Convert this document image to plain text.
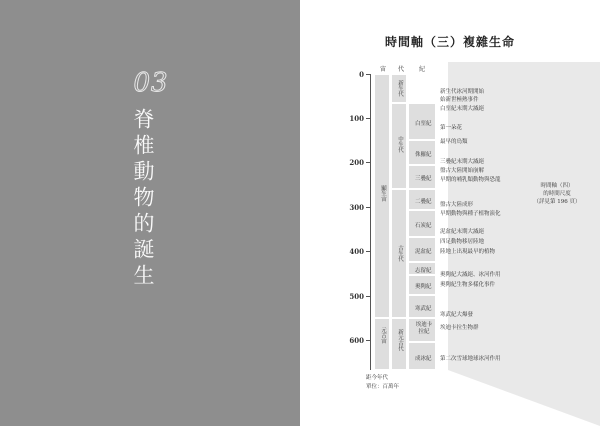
03
脊椎動物的誕生
時間軸（三）複雜生命
宙 代 紀
0
100
200
300
400
500
600
顯生宙
元古宙
新生代
中生代
古生代
新元古代
白堊紀
侏羅紀
三疊紀
二疊紀
石炭紀
泥盆紀
志留紀
奧陶紀
寒武紀
埃迪卡拉紀
成冰紀
新生代冰河期開始
始新世極熱事件
白堊紀末期大滅絕
第一朵花
最早的鳥類
三疊紀末期大滅絕
盤古大陸開始崩解
早期的哺乳類動物與恐龍
盤古大陸成形
早期動物與種子植物演化
泥盆紀末期大滅絕
四足動物移居陸地
陸地上出現最早的植物
奧陶紀大滅絕、冰河作用
奧陶紀生物多樣化事件
寒武紀大爆發
埃迪卡拉生物群
第二次雪球地球冰河作用
時間軸（四）
的時間尺度
（詳見第 196 頁）
距今年代
單位：百萬年
